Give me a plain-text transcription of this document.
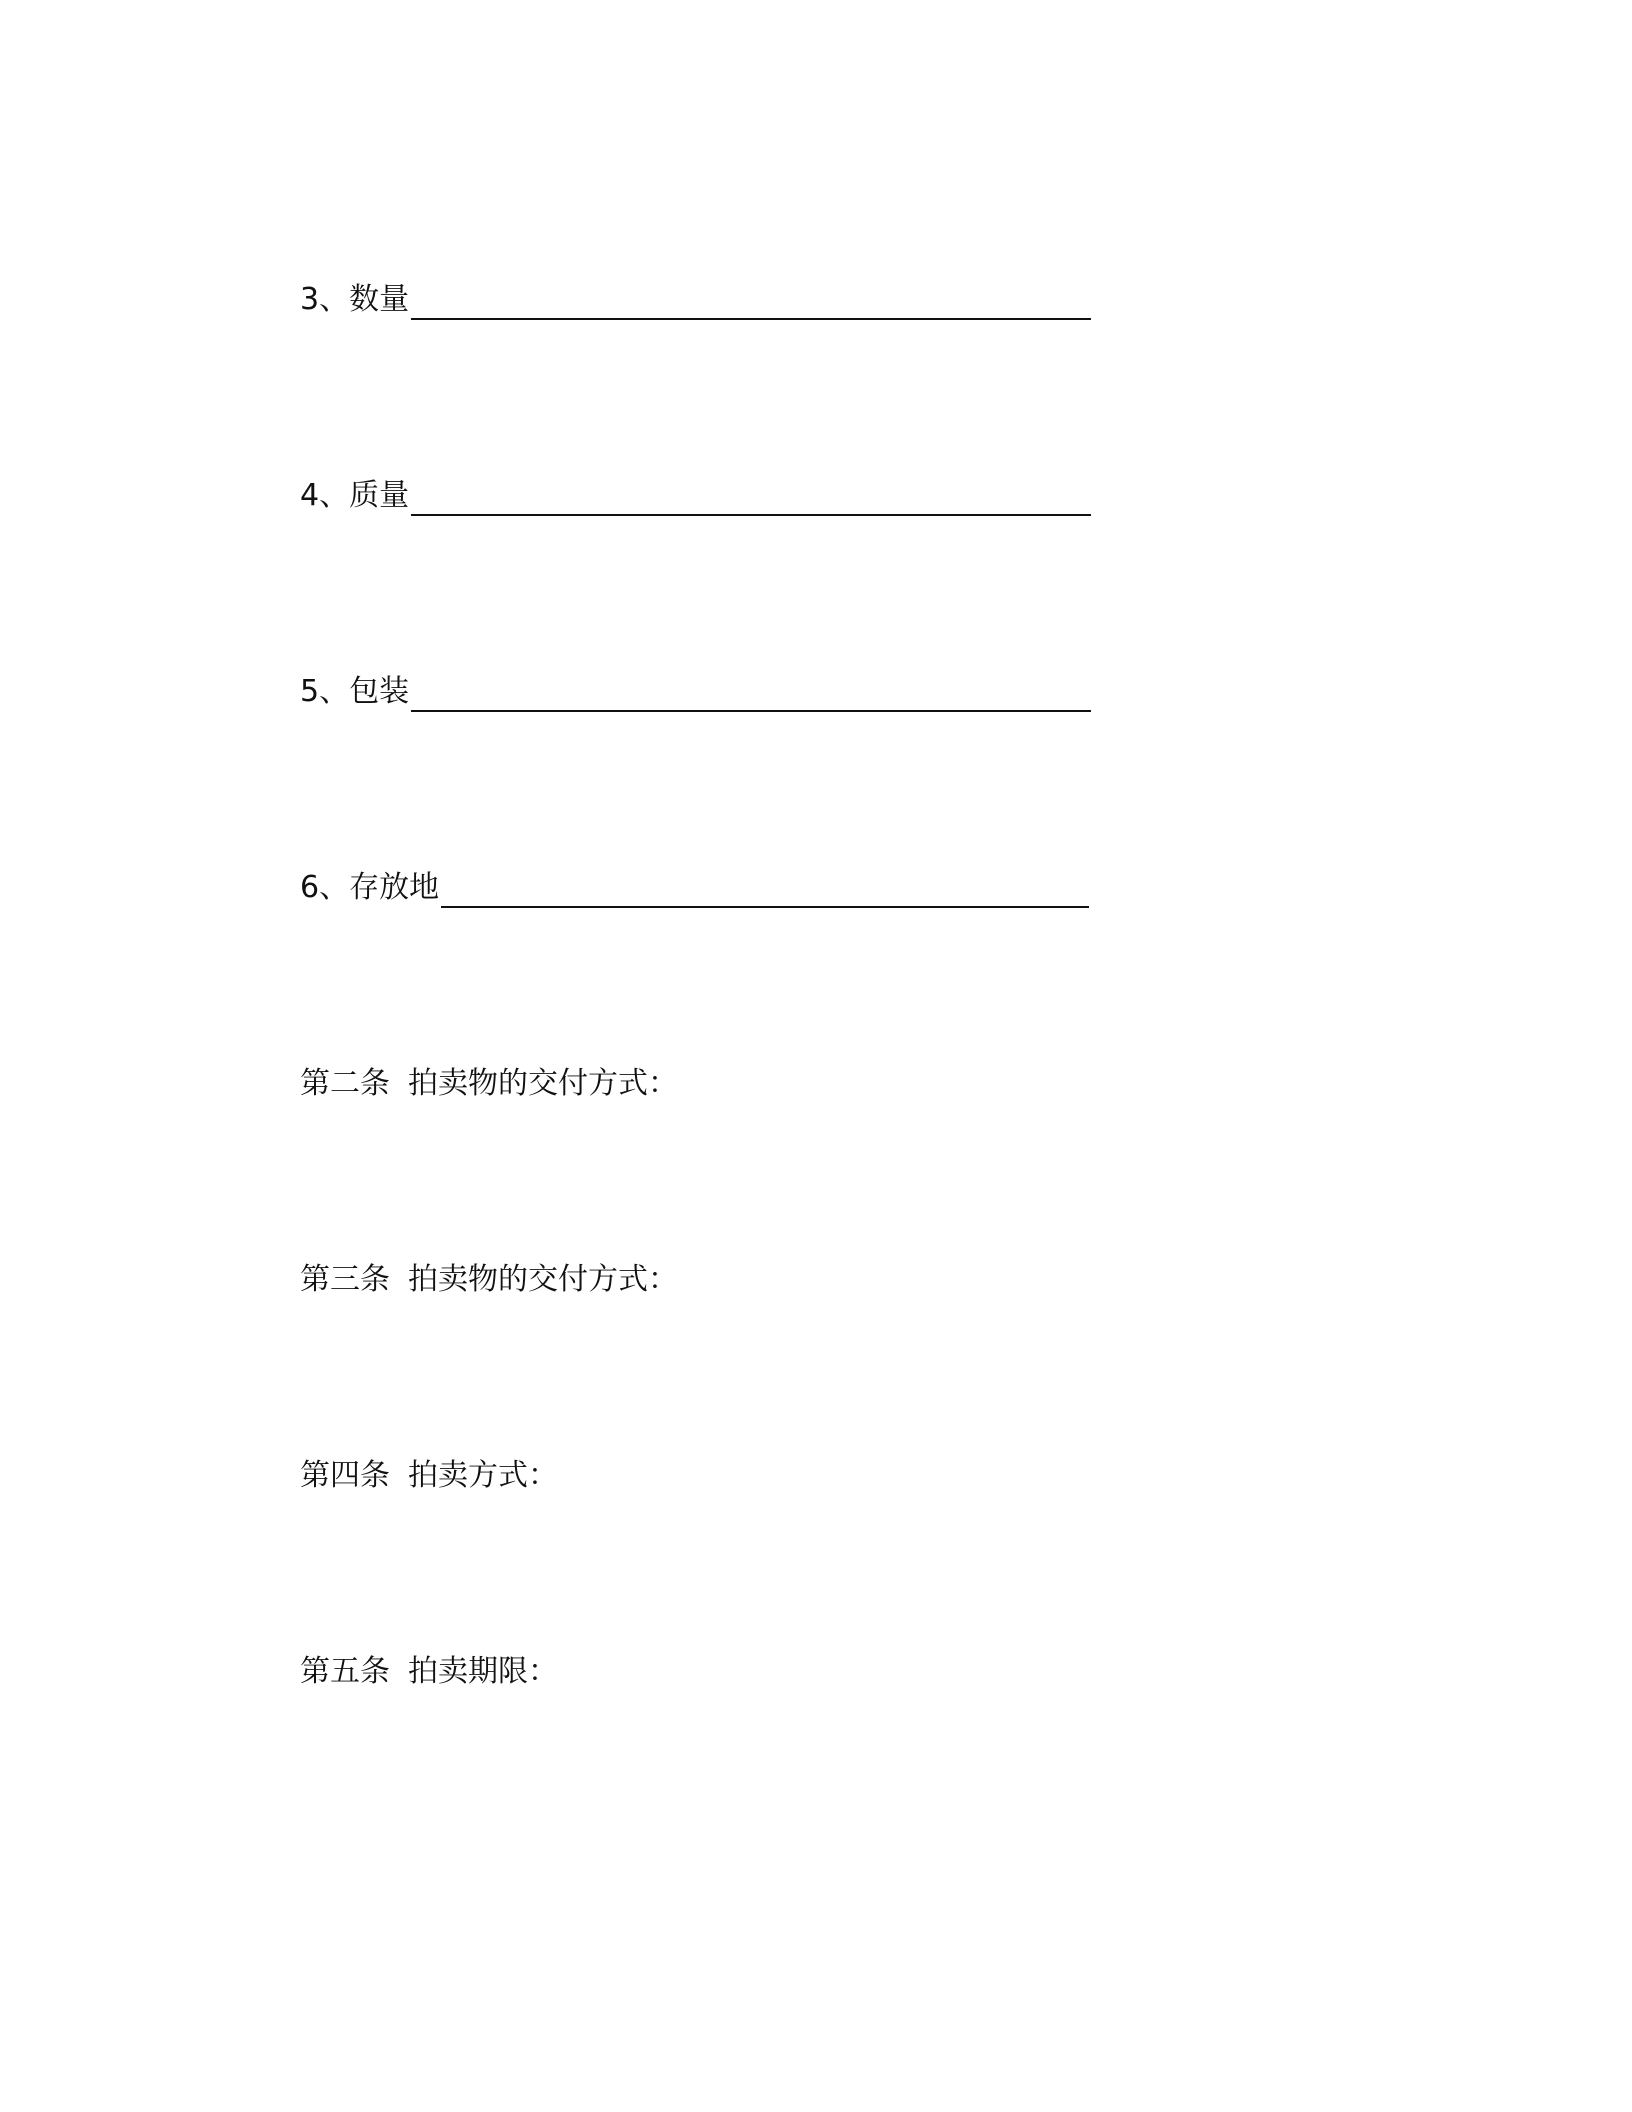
3、 数量
4、 质量
5、 包装
6、 存放地
第二条 拍卖物的交付方式：
第三条 拍卖物的交付方式：
第四条 拍卖方式：
第五条 拍卖期限：
